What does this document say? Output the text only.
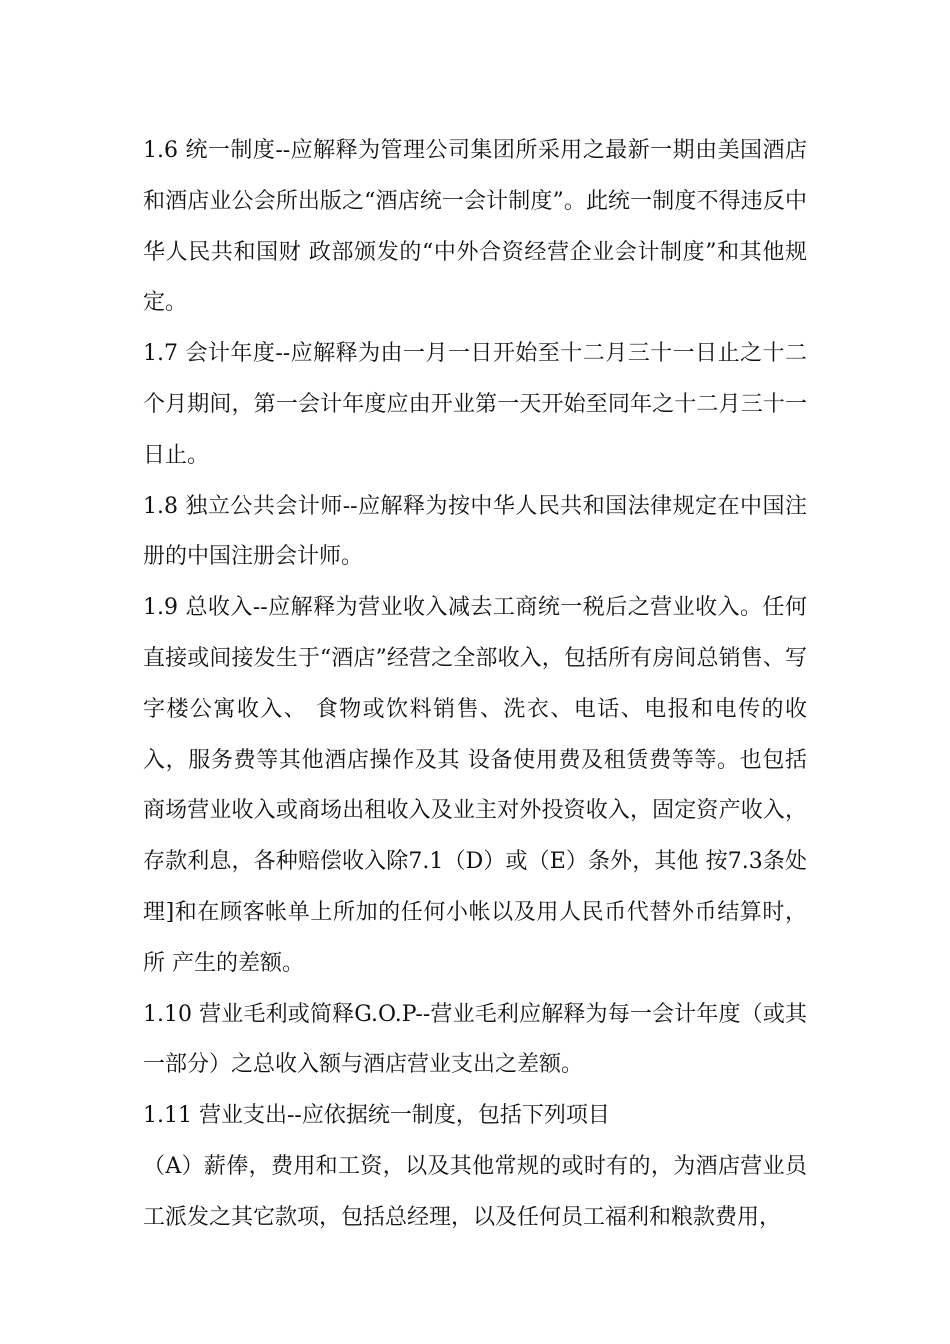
1.6 统一制度--应解释为管理公司集团所采用之最新一期由美国酒店和酒店业公会所出版之“酒店统一会计制度”。此统一制度不得违反中华人民共和国财 政部颁发的“中外合资经营企业会计制度”和其他规定。

1.7 会计年度--应解释为由一月一日开始至十二月三十一日止之十二个月期间，第一会计年度应由开业第一天开始至同年之十二月三十一日止。

1.8 独立公共会计师--应解释为按中华人民共和国法律规定在中国注册的中国注册会计师。

1.9 总收入--应解释为营业收入减去工商统一税后之营业收入。任何直接或间接发生于“酒店”经营之全部收入，包括所有房间总销售、写字楼公寓收入、 食物或饮料销售、洗衣、电话、电报和电传的收入，服务费等其他酒店操作及其 设备使用费及租赁费等等。也包括商场营业收入或商场出租收入及业主对外投资收入，固定资产收入，存款利息，各种赔偿收入除7.1（D）或（E）条外，其他 按7.3条处理]和在顾客帐单上所加的任何小帐以及用人民币代替外币结算时，所 产生的差额。

1.10 营业毛利或简释G.O.P--营业毛利应解释为每一会计年度（或其一部分）之总收入额与酒店营业支出之差额。

1.11 营业支出--应依据统一制度，包括下列项目

（A）薪俸，费用和工资，以及其他常规的或时有的，为酒店营业员工派发之其它款项，包括总经理，以及任何员工福利和粮款费用，
